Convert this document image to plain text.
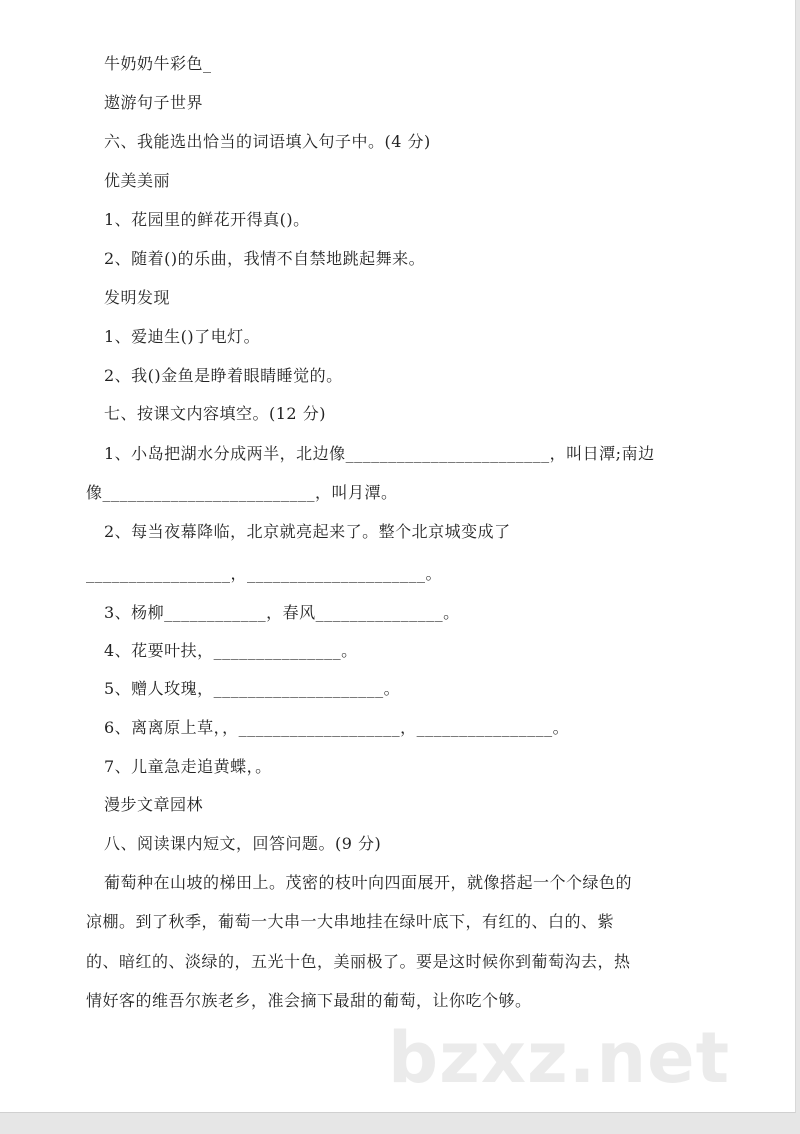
牛奶奶牛彩色_
遨游句子世界
六、我能选出恰当的词语填入句子中。(4 分)
优美美丽
1、花园里的鲜花开得真()。
2、随着()的乐曲，我情不自禁地跳起舞来。
发明发现
1、爱迪生()了电灯。
2、我()金鱼是睁着眼睛睡觉的。
七、按课文内容填空。(12 分)
1、小岛把湖水分成两半，北边像________________________，叫日潭;南边
像_________________________，叫月潭。
2、每当夜幕降临，北京就亮起来了。整个北京城变成了
_________________，_____________________。
3、杨柳____________，春风_______________。
4、花要叶扶，_______________。
5、赠人玫瑰，____________________。
6、离离原上草，，___________________，________________。
7、儿童急走追黄蝶，。
漫步文章园林
八、阅读课内短文，回答问题。(9 分)
葡萄种在山坡的梯田上。茂密的枝叶向四面展开，就像搭起一个个绿色的
凉棚。到了秋季，葡萄一大串一大串地挂在绿叶底下，有红的、白的、紫
的、暗红的、淡绿的，五光十色，美丽极了。要是这时候你到葡萄沟去，热
情好客的维吾尔族老乡，准会摘下最甜的葡萄，让你吃个够。
bzxz.net
